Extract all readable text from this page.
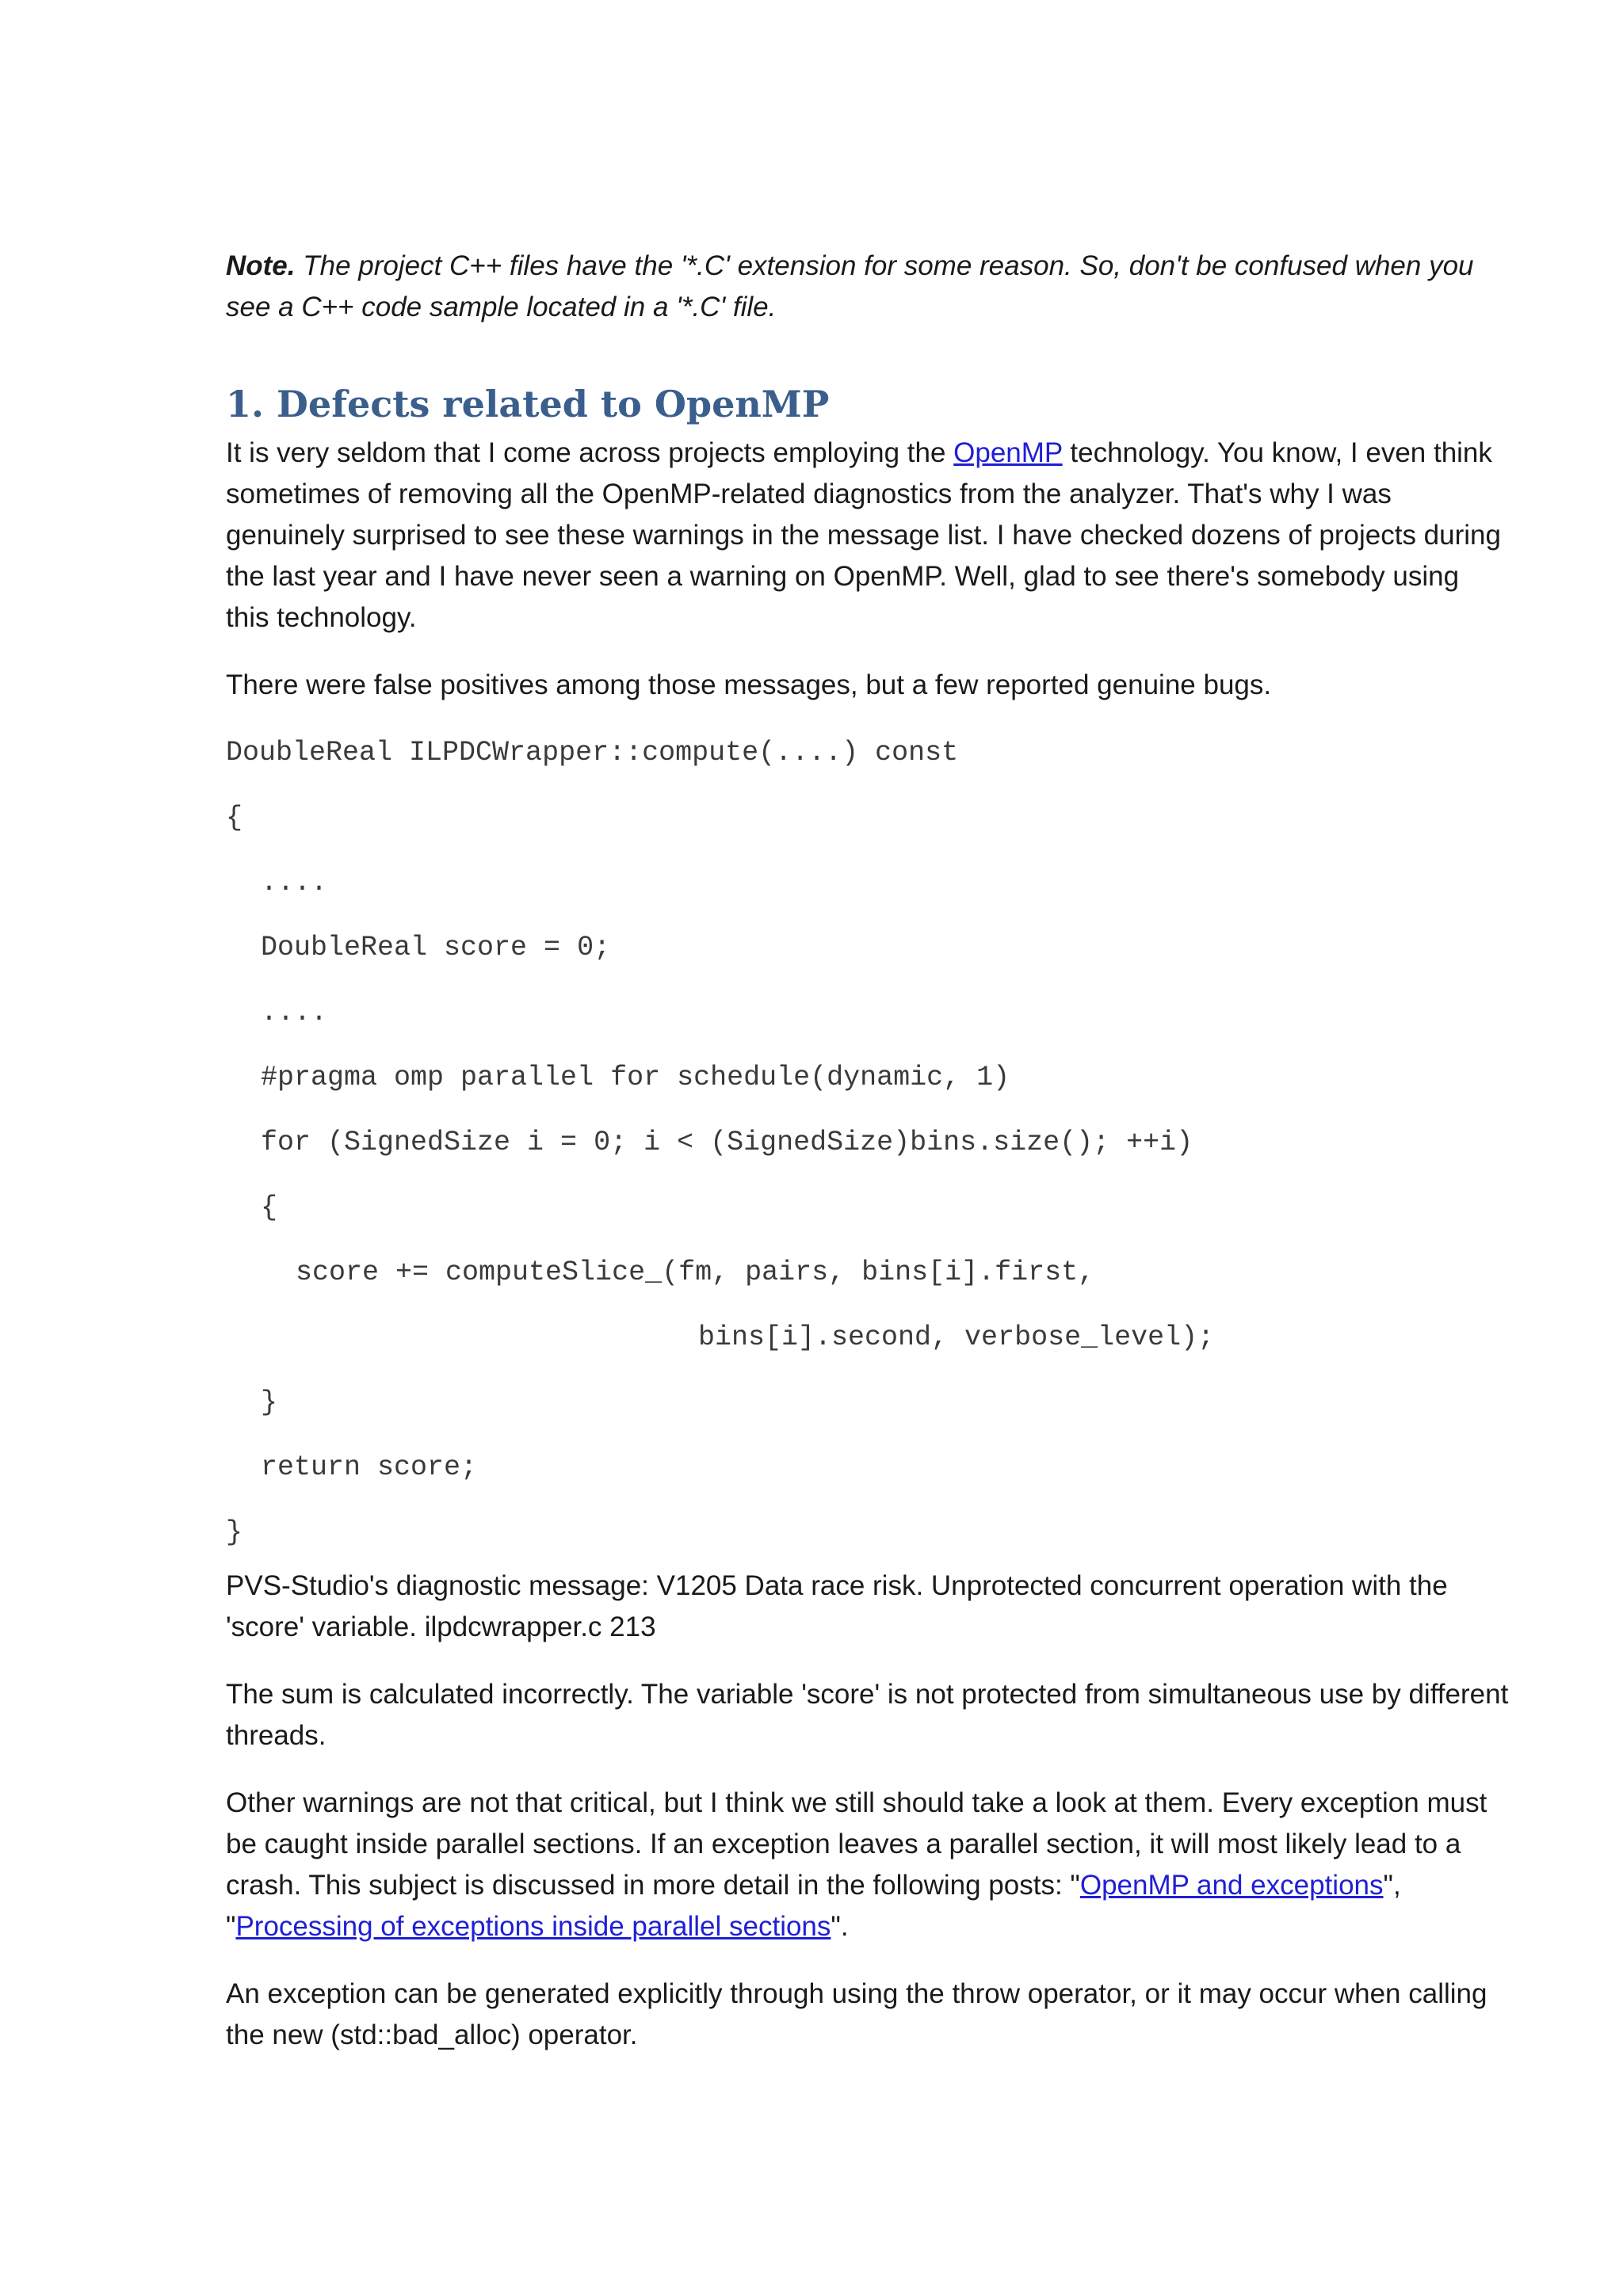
Note. The project C++ files have the '*.C' extension for some reason. So, don't be confused when you see a C++ code sample located in a '*.C' file.

1. Defects related to OpenMP

It is very seldom that I come across projects employing the OpenMP technology. You know, I even think sometimes of removing all the OpenMP-related diagnostics from the analyzer. That's why I was genuinely surprised to see these warnings in the message list. I have checked dozens of projects during the last year and I have never seen a warning on OpenMP. Well, glad to see there's somebody using this technology.

There were false positives among those messages, but a few reported genuine bugs.

DoubleReal ILPDCWrapper::compute(....) const
{
....
DoubleReal score = 0;
....
#pragma omp parallel for schedule(dynamic, 1)
for (SignedSize i = 0; i < (SignedSize)bins.size(); ++i)
{
score += computeSlice_(fm, pairs, bins[i].first,
bins[i].second, verbose_level);
}
return score;
}

PVS-Studio's diagnostic message: V1205 Data race risk. Unprotected concurrent operation with the 'score' variable. ilpdcwrapper.c 213

The sum is calculated incorrectly. The variable 'score' is not protected from simultaneous use by different threads.

Other warnings are not that critical, but I think we still should take a look at them. Every exception must be caught inside parallel sections. If an exception leaves a parallel section, it will most likely lead to a crash. This subject is discussed in more detail in the following posts: "OpenMP and exceptions", "Processing of exceptions inside parallel sections".

An exception can be generated explicitly through using the throw operator, or it may occur when calling the new (std::bad_alloc) operator.
